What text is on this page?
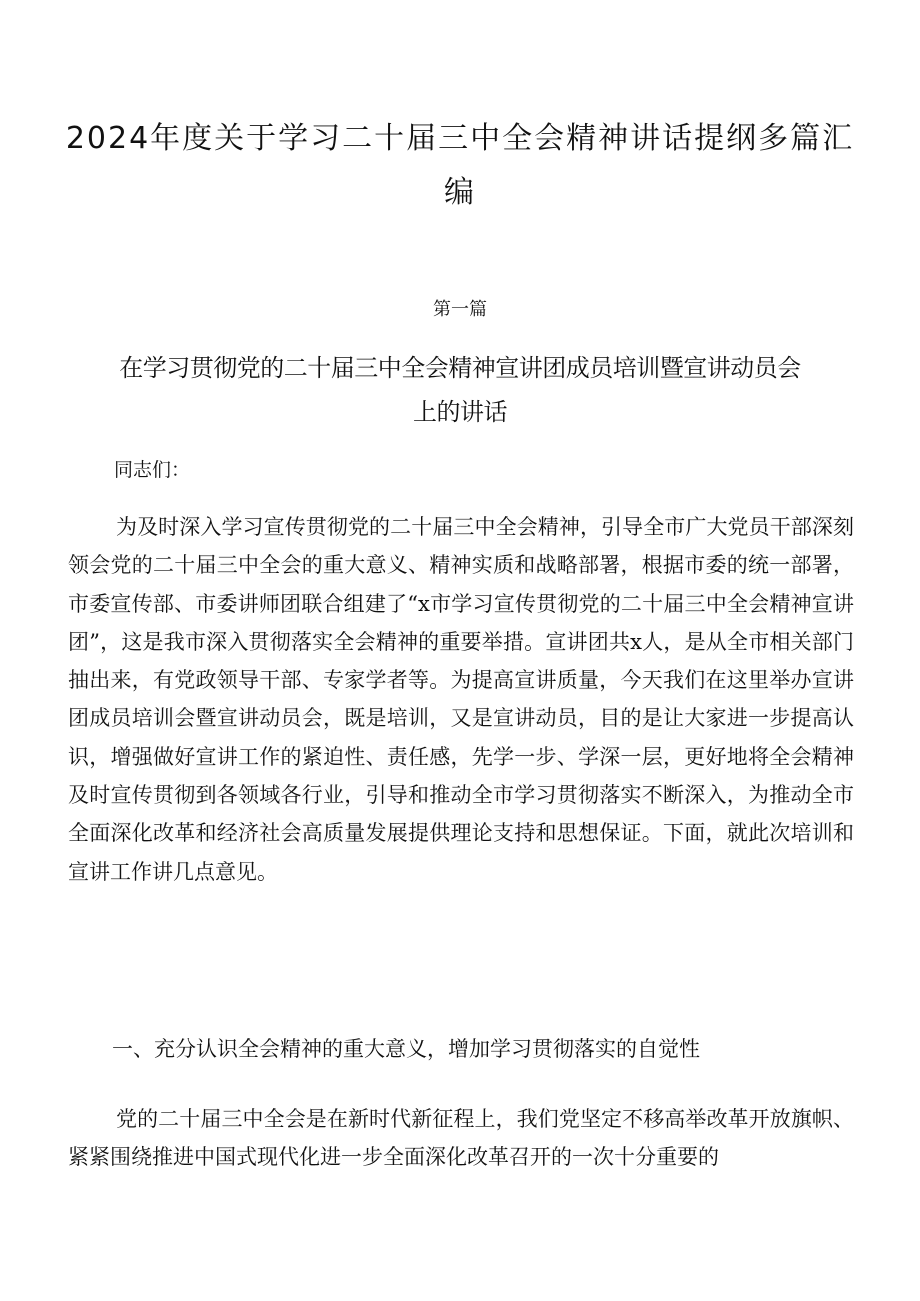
2024年度关于学习二十届三中全会精神讲话提纲多篇汇编

第一篇

在学习贯彻党的二十届三中全会精神宣讲团成员培训暨宣讲动员会上的讲话

同志们：

为及时深入学习宣传贯彻党的二十届三中全会精神，引导全市广大党员干部深刻领会党的二十届三中全会的重大意义、精神实质和战略部署，根据市委的统一部署，市委宣传部、市委讲师团联合组建了“x市学习宣传贯彻党的二十届三中全会精神宣讲团”，这是我市深入贯彻落实全会精神的重要举措。宣讲团共x人，是从全市相关部门抽出来，有党政领导干部、专家学者等。为提高宣讲质量，今天我们在这里举办宣讲团成员培训会暨宣讲动员会，既是培训，又是宣讲动员，目的是让大家进一步提高认识，增强做好宣讲工作的紧迫性、责任感，先学一步、学深一层，更好地将全会精神及时宣传贯彻到各领域各行业，引导和推动全市学习贯彻落实不断深入，为推动全市全面深化改革和经济社会高质量发展提供理论支持和思想保证。下面，就此次培训和宣讲工作讲几点意见。

一、充分认识全会精神的重大意义，增加学习贯彻落实的自觉性

党的二十届三中全会是在新时代新征程上，我们党坚定不移高举改革开放旗帜、紧紧围绕推进中国式现代化进一步全面深化改革召开的一次十分重要的
